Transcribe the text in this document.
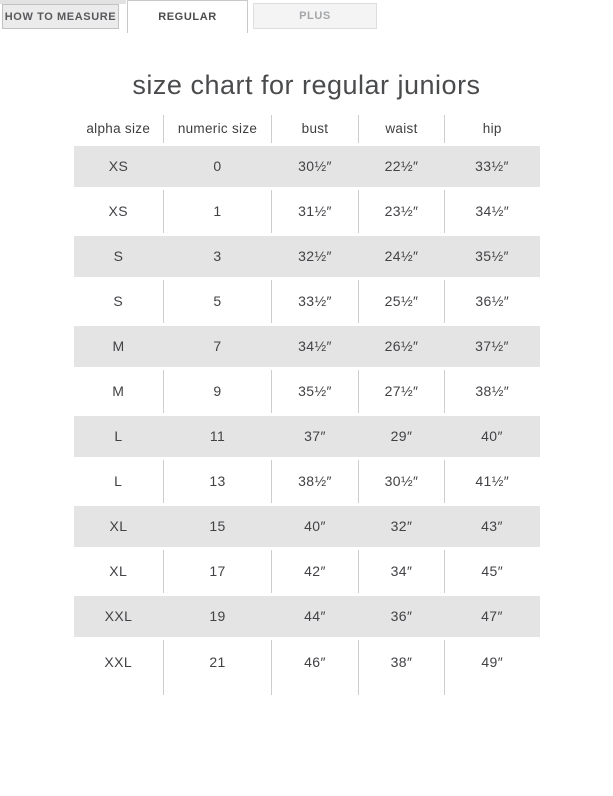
HOW TO MEASURE	REGULAR	PLUS
size chart for regular juniors
alpha size	numeric size	bust	waist	hip
XS	0	30½″	22½″	33½″
XS	1	31½″	23½″	34½″
S	3	32½″	24½″	35½″
S	5	33½″	25½″	36½″
M	7	34½″	26½″	37½″
M	9	35½″	27½″	38½″
L	11	37″	29″	40″
L	13	38½″	30½″	41½″
XL	15	40″	32″	43″
XL	17	42″	34″	45″
XXL	19	44″	36″	47″
XXL	21	46″	38″	49″
